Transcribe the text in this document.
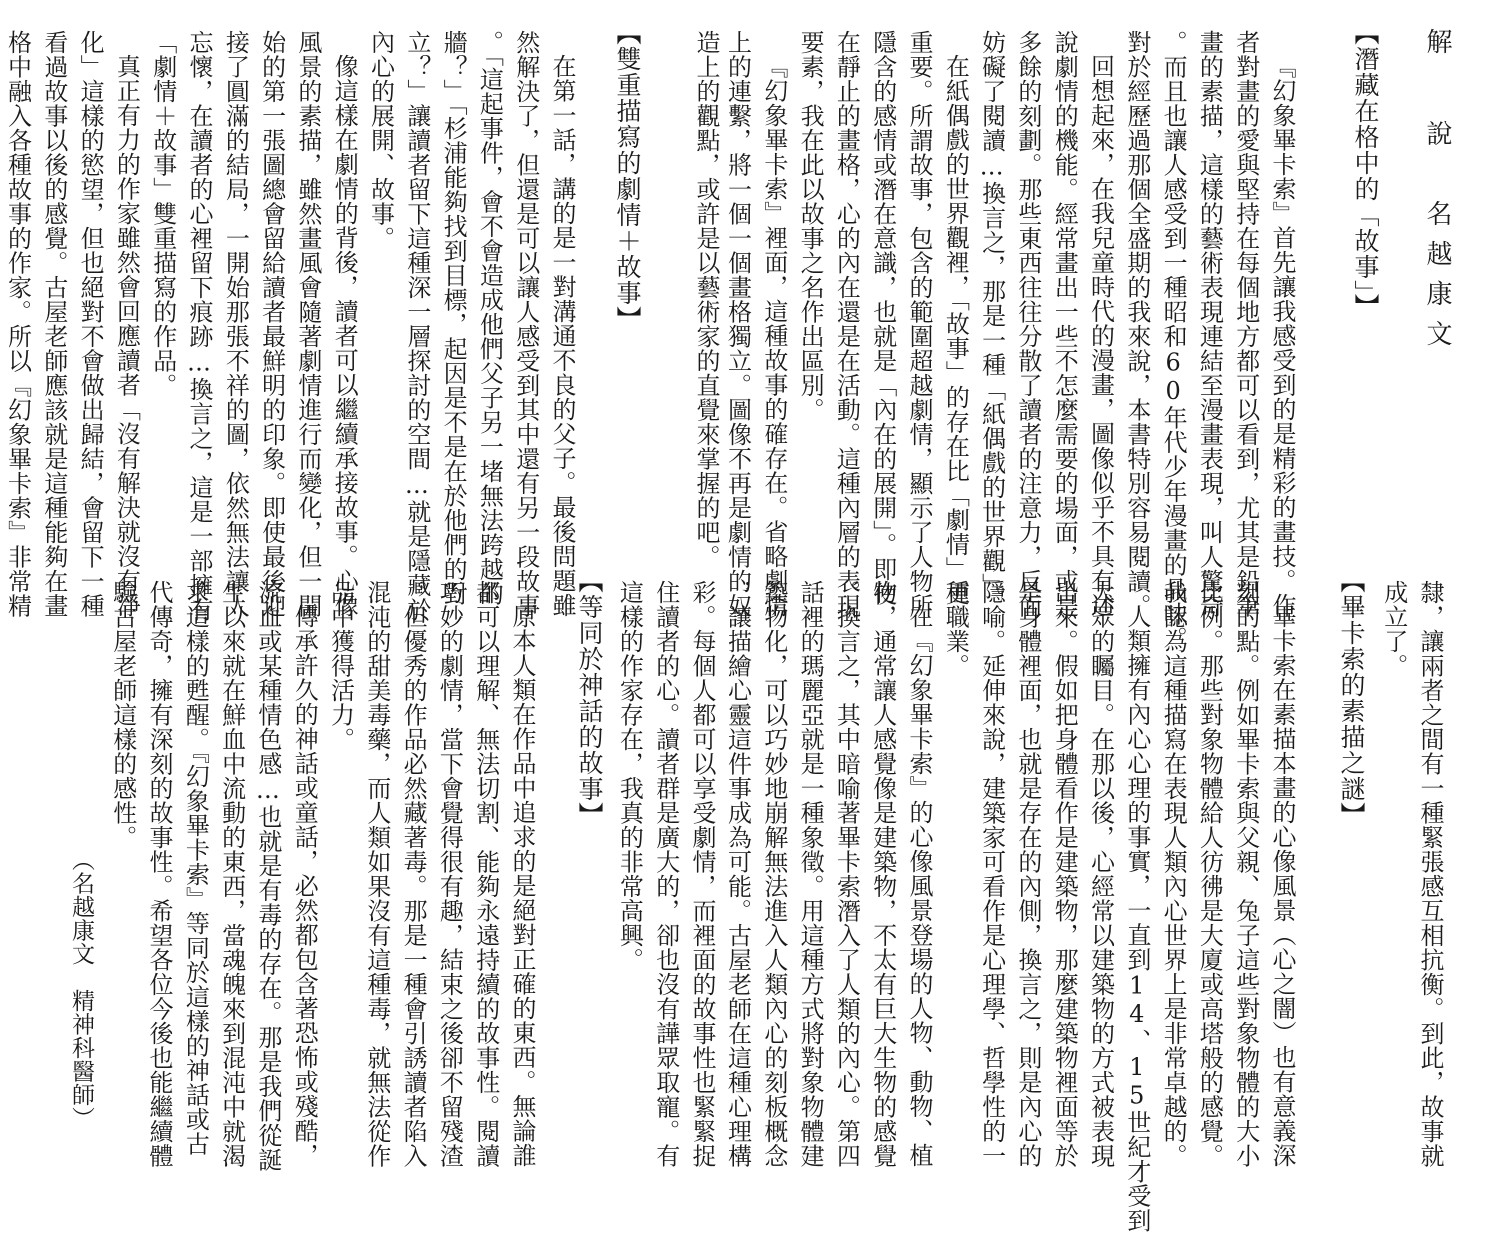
解　說
名越康文
【潛藏在格中的「故事」】
『幻象畢卡索』首先讓我感受到的是精彩的畫技。作
者對畫的愛與堅持在每個地方都可以看到，尤其是鉛筆
畫的素描，這樣的藝術表現連結至漫畫表現，叫人驚奇
。而且也讓人感受到一種昭和60年代少年漫畫的品味。
對於經歷過那個全盛期的我來說，本書特別容易閱讀。
回想起來，在我兒童時代的漫畫，圖像似乎不具有述
說劇情的機能。經常畫出一些不怎麼需要的場面，或是
多餘的刻劃。那些東西往往分散了讀者的注意力，反而
妨礙了閱讀…換言之，那是一種「紙偶戲的世界觀」。
在紙偶戲的世界觀裡，「故事」的存在比「劇情」更
重要。所謂故事，包含的範圍超越劇情，顯示了人物所
隱含的感情或潛在意識，也就是「內在的展開」。即使
在靜止的畫格，心的內在還是在活動。這種內層的表現
要素，我在此以故事之名作出區別。
『幻象畢卡索』裡面，這種故事的確存在。省略劇情
上的連繫，將一個一個畫格獨立。圖像不再是劇情的奴
造上的觀點，或許是以藝術家的直覺來掌握的吧。
【雙重描寫的劇情＋故事】
在第一話，講的是一對溝通不良的父子。最後問題雖
然解決了，但還是可以讓人感受到其中還有另一段故事
。「這起事件，會不會造成他們父子另一堵無法跨越的
牆？」「杉浦能夠找到目標，起因是不是在於他們的對
立？」讓讀者留下這種深一層探討的空間…就是隱藏於
內心的展開、故事。
像這樣在劇情的背後，讀者可以繼續承接故事。心像
風景的素描，雖然畫風會隨著劇情進行而變化，但一開
始的第一張圖總會留給讀者最鮮明的印象。即使最後迎
接了圓滿的結局，一開始那張不祥的圖，依然無法讓人
忘懷，在讀者的心裡留下痕跡…換言之，這是一部擁有
「劇情＋故事」雙重描寫的作品。
真正有力的作家雖然會回應讀者「沒有解決就沒有淨
化」這樣的慾望，但也絕對不會做出歸結，會留下一種
看過故事以後的感覺。古屋老師應該就是這種能夠在畫
格中融入各種故事的作家。所以『幻象畢卡索』非常精
隸，讓兩者之間有一種緊張感互相抗衡。到此，故事就
成立了。
【畢卡索的素描之謎】
畢卡索在素描本畫的心像風景（心之闇）也有意義深
刻的點。例如畢卡索與父親、兔子這些對象物體的大小
比例。那些對象物體給人彷彿是大廈或高塔般的感覺。
我認為這種描寫在表現人類內心世界上是非常卓越的。
人類擁有內心心理的事實，一直到14、15世紀才受到
大眾的矚目。在那以後，心經常以建築物的方式被表現
出來。假如把身體看作是建築物，那麼建築物裡面等於
是身體裡面，也就是存在的內側，換言之，則是內心的
隱喻。延伸來說，建築家可看作是心理學、哲學性的一
種職業。
在『幻象畢卡索』的心像風景登場的人物、動物、植
物，通常讓人感覺像是建築物，不太有巨大生物的感覺
。換言之，其中暗喻著畢卡索潛入了人類的內心。第四
話裡的瑪麗亞就是一種象徵。用這種方式將對象物體建
築物化，可以巧妙地崩解無法進入人類內心的刻板概念
，讓描繪心靈這件事成為可能。古屋老師在這種心理構
彩。每個人都可以享受劇情，而裡面的故事性也緊緊捉
住讀者的心。讀者群是廣大的，卻也沒有譁眾取寵。有
這樣的作家存在，我真的非常高興。
【等同於神話的故事】
原本人類在作品中追求的是絕對正確的東西。無論誰
都可以理解、無法切割、能夠永遠持續的故事性。閱讀
巧妙的劇情，當下會覺得很有趣，結束之後卻不留殘渣
。但優秀的作品必然藏著毒。那是一種會引誘讀者陷入
混沌的甜美毒藥，而人類如果沒有這種毒，就無法從作
品中獲得活力。
傳承許久的神話或童話，必然都包含著恐怖或殘酷，
流血或某種情色感…也就是有毒的存在。那是我們從誕
生以來就在鮮血中流動的東西，當魂魄來到混沌中就渴
求這樣的甦醒。『幻象畢卡索』等同於這樣的神話或古
代傳奇，擁有深刻的故事性。希望各位今後也能繼續體
驗古屋老師這樣的感性。
（名越康文　精神科醫師）
